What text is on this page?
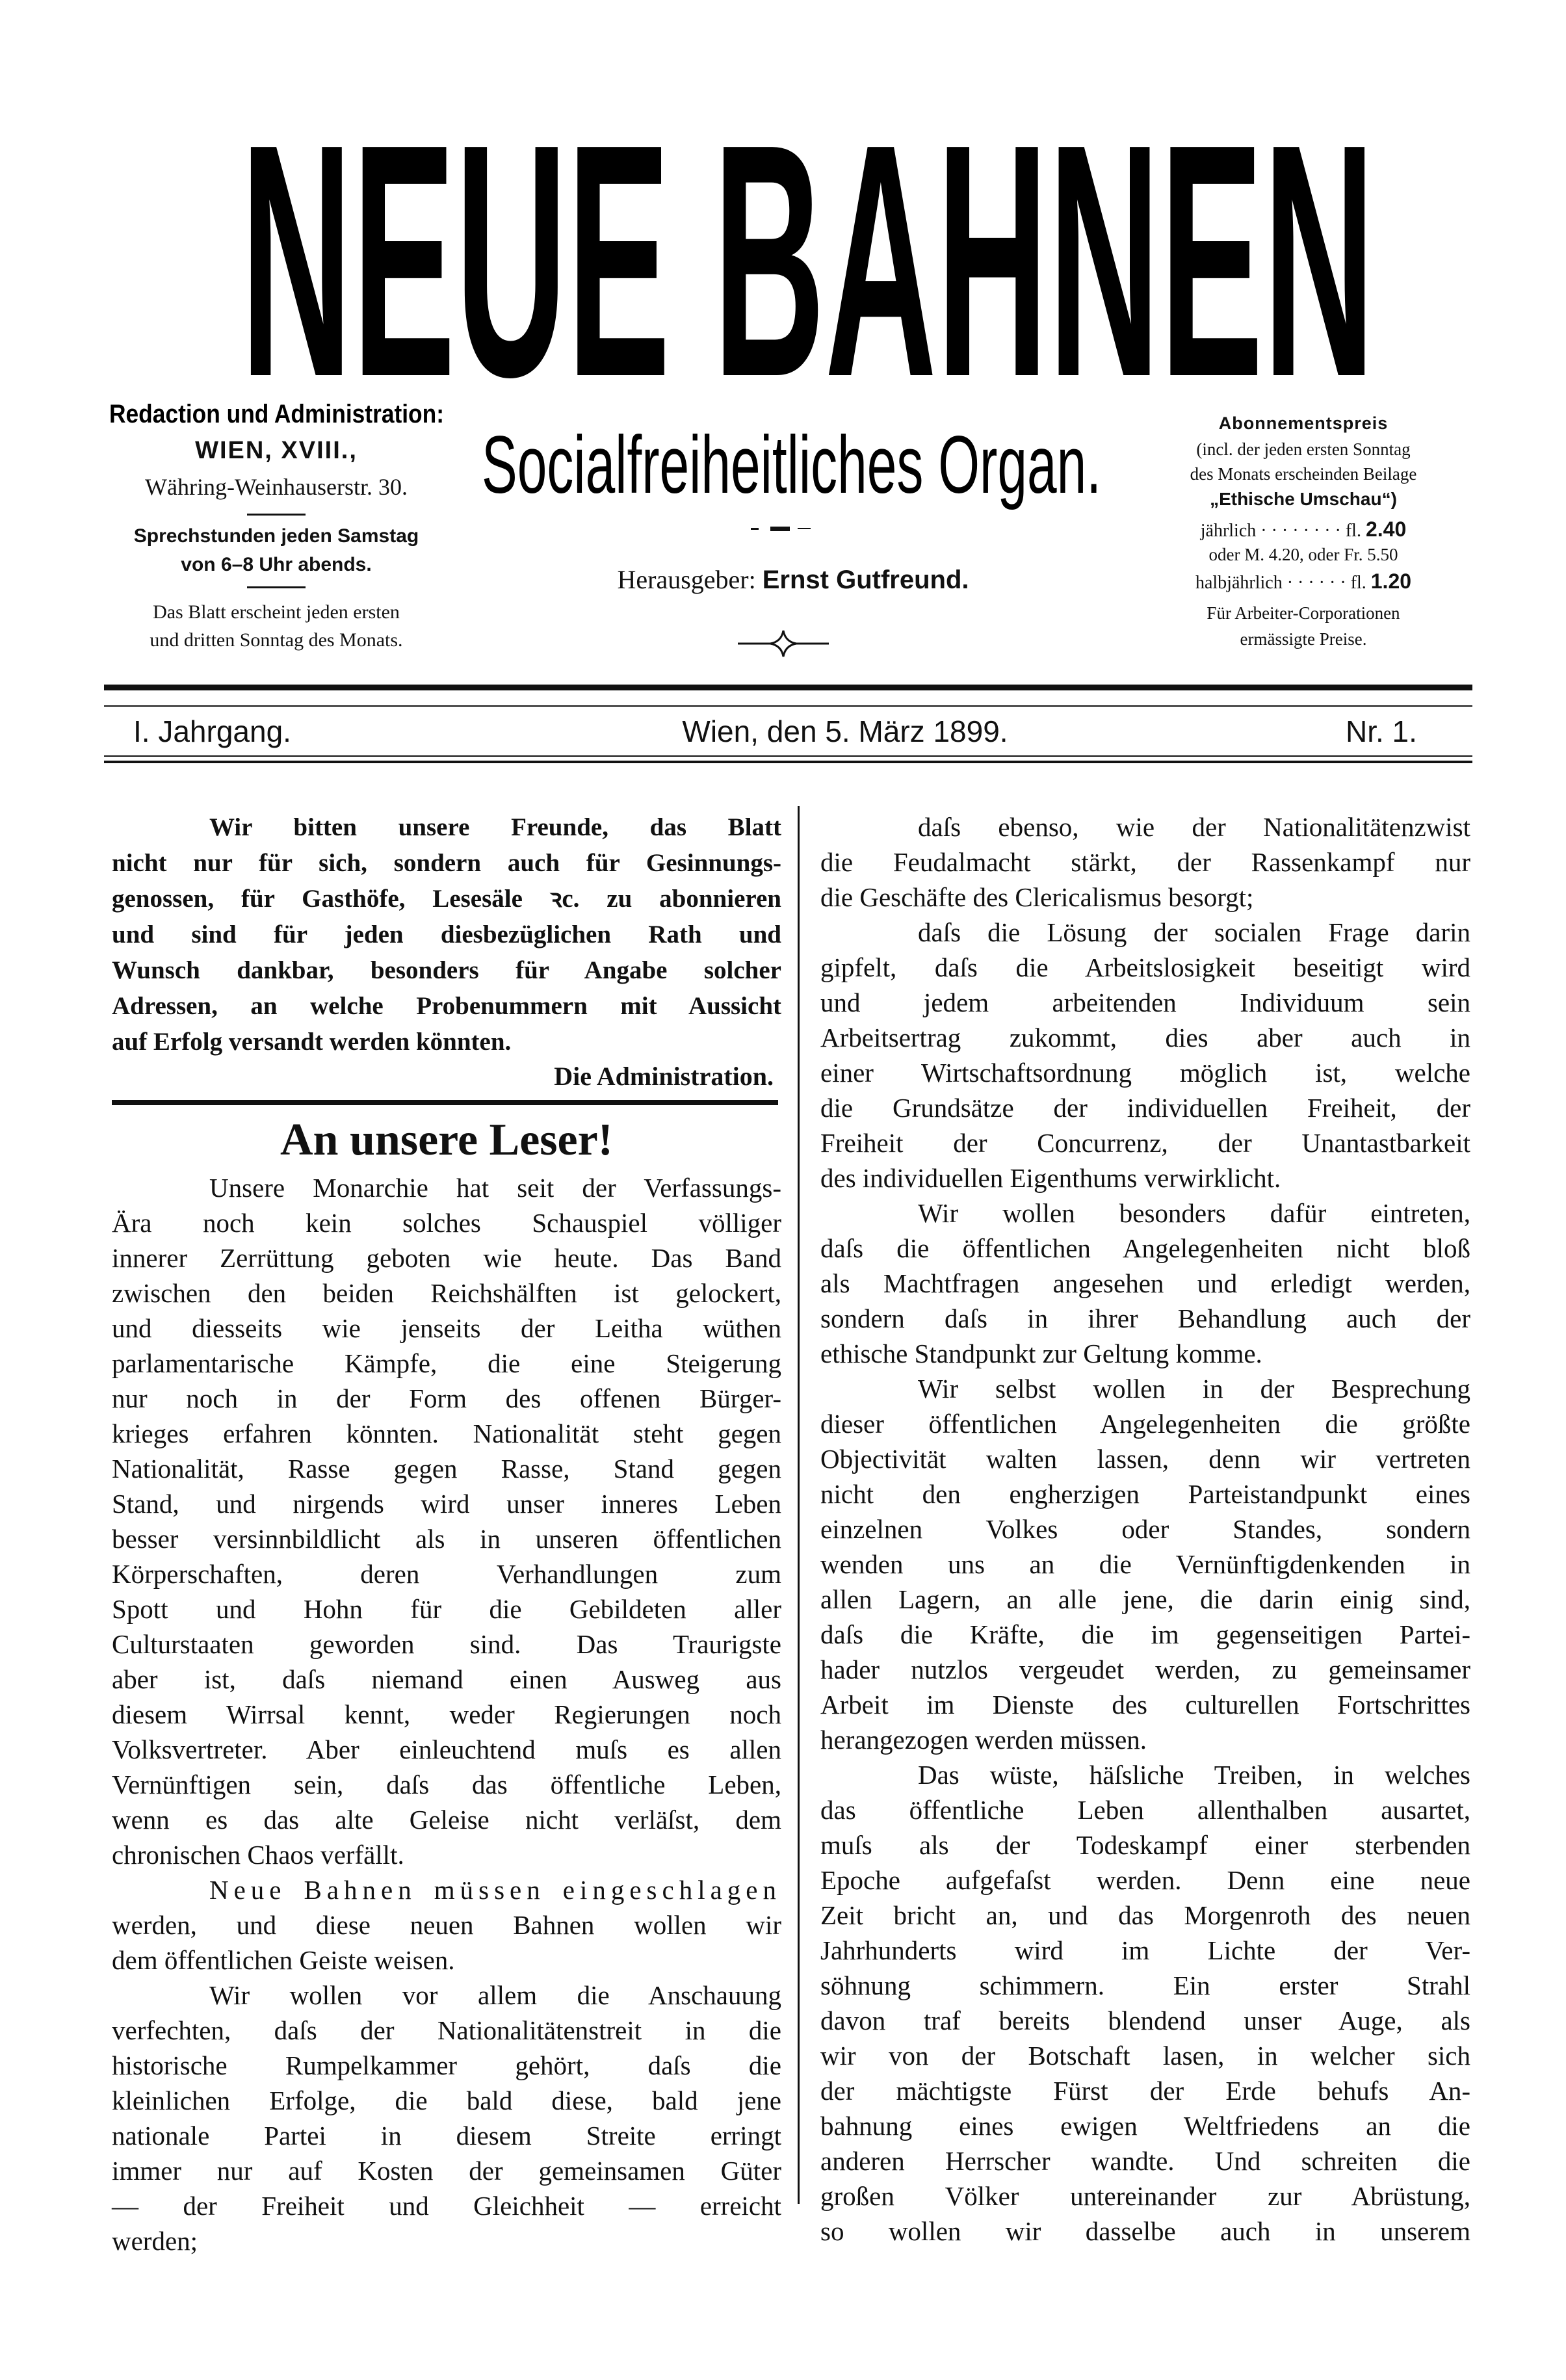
NEUE BAHNEN
Redaction und Administration:
WIEN, XVIII.,
Währing-Weinhauserstr. 30.
Sprechstunden jeden Samstag
von 6–8 Uhr abends.
Das Blatt erscheint jeden ersten
und dritten Sonntag des Monats.
Socialfreiheitliches Organ.
Herausgeber: Ernst Gutfreund.
Abonnementspreis
(incl. der jeden ersten Sonntag
des Monats erscheinden Beilage
„Ethische Umschau“)
jährlich · · · · · · · · fl. 2.40
oder M. 4.20, oder Fr. 5.50
halbjährlich · · · · · · fl. 1.20
Für Arbeiter-Corporationen
ermässigte Preise.
I. Jahrgang.	Wien, den 5. März 1899.	Nr. 1.
Wir bitten unsere Freunde, das Blatt
nicht nur für sich, sondern auch für Gesinnungs-
genossen, für Gasthöfe, Lesesäle ꝛc. zu abonnieren
und sind für jeden diesbezüglichen Rath und
Wunsch dankbar, besonders für Angabe solcher
Adressen, an welche Probenummern mit Aussicht
auf Erfolg versandt werden könnten.
Die Administration.
An unsere Leser!
Unsere Monarchie hat seit der Verfassungs-
Ära noch kein solches Schauspiel völliger
innerer Zerrüttung geboten wie heute. Das Band
zwischen den beiden Reichshälften ist gelockert,
und diesseits wie jenseits der Leitha wüthen
parlamentarische Kämpfe, die eine Steigerung
nur noch in der Form des offenen Bürger-
krieges erfahren könnten. Nationalität steht gegen
Nationalität, Rasse gegen Rasse, Stand gegen
Stand, und nirgends wird unser inneres Leben
besser versinnbildlicht als in unseren öffentlichen
Körperschaften, deren Verhandlungen zum
Spott und Hohn für die Gebildeten aller
Culturstaaten geworden sind. Das Traurigste
aber ist, daſs niemand einen Ausweg aus
diesem Wirrsal kennt, weder Regierungen noch
Volksvertreter. Aber einleuchtend muſs es allen
Vernünftigen sein, daſs das öffentliche Leben,
wenn es das alte Geleise nicht verläſst, dem
chronischen Chaos verfällt.
Neue Bahnen müssen eingeschlagen
werden, und diese neuen Bahnen wollen wir
dem öffentlichen Geiste weisen.
Wir wollen vor allem die Anschauung
verfechten, daſs der Nationalitätenstreit in die
historische Rumpelkammer gehört, daſs die
kleinlichen Erfolge, die bald diese, bald jene
nationale Partei in diesem Streite erringt
immer nur auf Kosten der gemeinsamen Güter
— der Freiheit und Gleichheit — erreicht
werden;
daſs ebenso, wie der Nationalitätenzwist
die Feudalmacht stärkt, der Rassenkampf nur
die Geschäfte des Clericalismus besorgt;
daſs die Lösung der socialen Frage darin
gipfelt, daſs die Arbeitslosigkeit beseitigt wird
und jedem arbeitenden Individuum sein
Arbeitsertrag zukommt, dies aber auch in
einer Wirtschaftsordnung möglich ist, welche
die Grundsätze der individuellen Freiheit, der
Freiheit der Concurrenz, der Unantastbarkeit
des individuellen Eigenthums verwirklicht.
Wir wollen besonders dafür eintreten,
daſs die öffentlichen Angelegenheiten nicht bloß
als Machtfragen angesehen und erledigt werden,
sondern daſs in ihrer Behandlung auch der
ethische Standpunkt zur Geltung komme.
Wir selbst wollen in der Besprechung
dieser öffentlichen Angelegenheiten die größte
Objectivität walten lassen, denn wir vertreten
nicht den engherzigen Parteistandpunkt eines
einzelnen Volkes oder Standes, sondern
wenden uns an die Vernünftigdenkenden in
allen Lagern, an alle jene, die darin einig sind,
daſs die Kräfte, die im gegenseitigen Partei-
hader nutzlos vergeudet werden, zu gemeinsamer
Arbeit im Dienste des culturellen Fortschrittes
herangezogen werden müssen.
Das wüste, häſsliche Treiben, in welches
das öffentliche Leben allenthalben ausartet,
muſs als der Todeskampf einer sterbenden
Epoche aufgefaſst werden. Denn eine neue
Zeit bricht an, und das Morgenroth des neuen
Jahrhunderts wird im Lichte der Ver-
söhnung schimmern. Ein erster Strahl
davon traf bereits blendend unser Auge, als
wir von der Botschaft lasen, in welcher sich
der mächtigste Fürst der Erde behufs An-
bahnung eines ewigen Weltfriedens an die
anderen Herrscher wandte. Und schreiten die
großen Völker untereinander zur Abrüstung,
so wollen wir dasselbe auch in unserem
